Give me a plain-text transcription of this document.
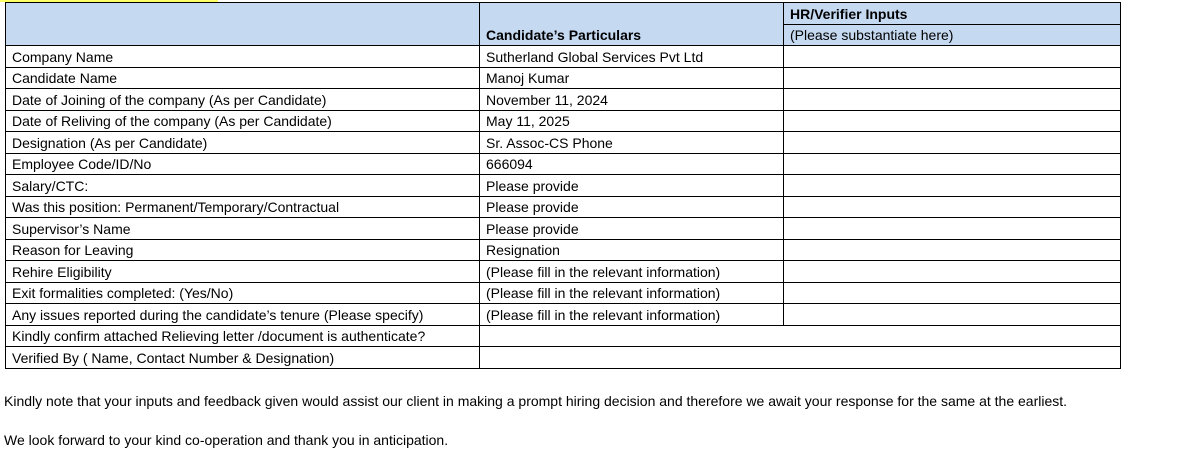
	Candidate’s Particulars	HR/Verifier Inputs
		(Please substantiate here)
Company Name	Sutherland Global Services Pvt Ltd	
Candidate Name	Manoj Kumar	
Date of Joining of the company (As per Candidate)	November 11, 2024	
Date of Reliving of the company (As per Candidate)	May 11, 2025	
Designation (As per Candidate)	Sr. Assoc-CS Phone	
Employee Code/ID/No	666094	
Salary/CTC:	Please provide	
Was this position: Permanent/Temporary/Contractual	Please provide	
Supervisor’s Name	Please provide	
Reason for Leaving	Resignation	
Rehire Eligibility	(Please fill in the relevant information)	
Exit formalities completed: (Yes/No)	(Please fill in the relevant information)	
Any issues reported during the candidate’s tenure (Please specify)	(Please fill in the relevant information)	
Kindly confirm attached Relieving letter /document is authenticate?		
Verified By ( Name, Contact Number & Designation)		
Kindly note that your inputs and feedback given would assist our client in making a prompt hiring decision and therefore we await your response for the same at the earliest.
We look forward to your kind co-operation and thank you in anticipation.
